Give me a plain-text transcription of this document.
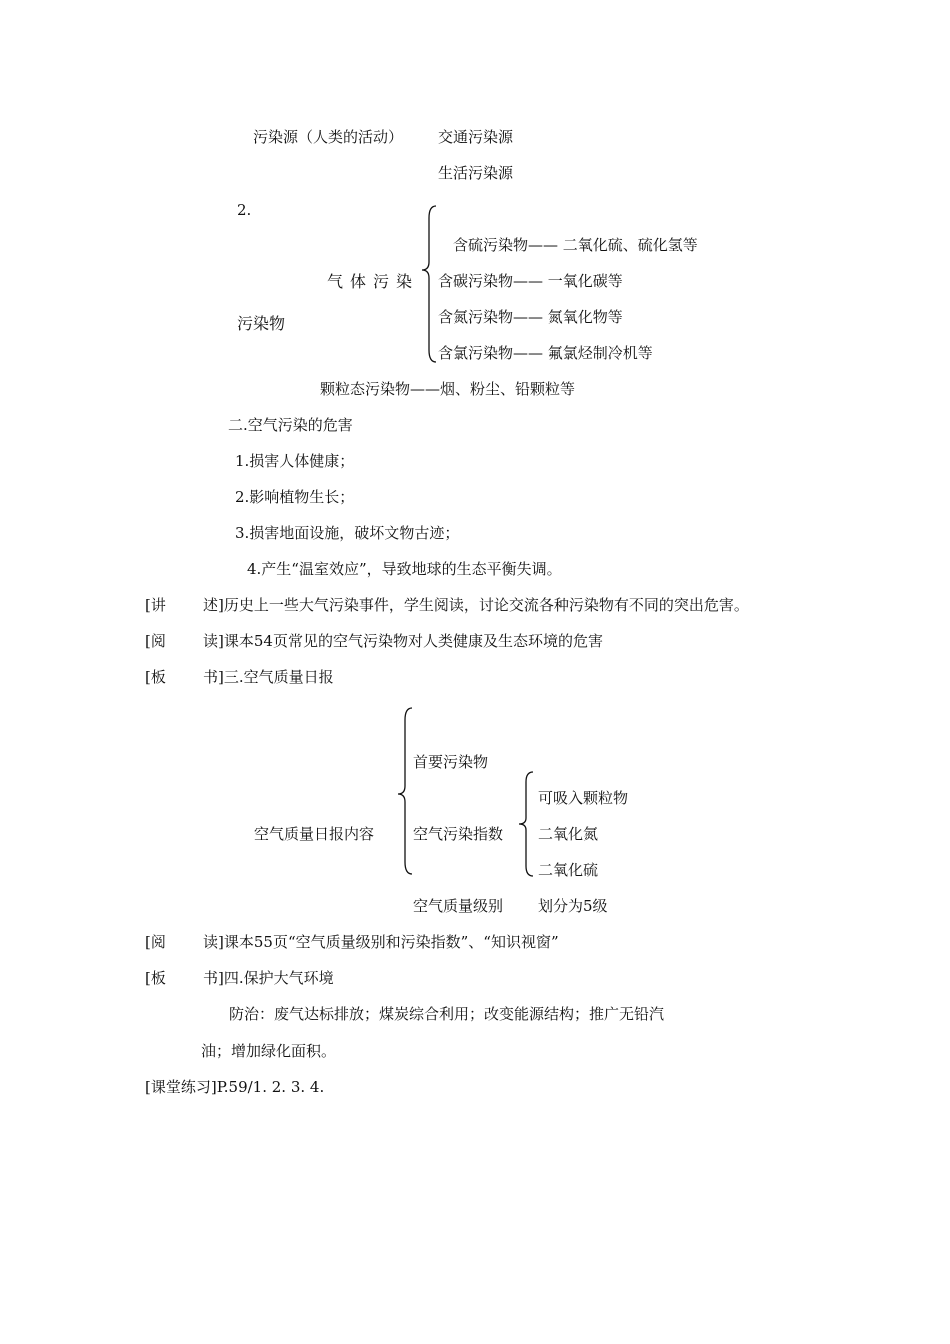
污染源（人类的活动） 交通污染源
生活污染源
2.
含硫污染物—— 二氧化硫、硫化氢等
气体污染 含碳污染物—— 一氧化碳等
污染物	含氮污染物—— 氮氧化物等
含氯污染物—— 氟氯烃制冷机等
颗粒态污染物——烟、粉尘、铅颗粒等
二.空气污染的危害
1.损害人体健康；
2.影响植物生长；
3.损害地面设施，破坏文物古迹；
4.产生“温室效应”，导致地球的生态平衡失调。
[讲 述]历史上一些大气污染事件，学生阅读，讨论交流各种污染物有不同的突出危害。
[阅 读]课本54页常见的空气污染物对人类健康及生态环境的危害
[板 书]三.空气质量日报
首要污染物
可吸入颗粒物
空气质量日报内容	空气污染指数 二氧化氮
二氧化硫
空气质量级别 划分为5级
[阅 读]课本55页“空气质量级别和污染指数”、“知识视窗”
[板 书]四.保护大气环境
防治：废气达标排放；煤炭综合利用；改变能源结构；推广无铅汽
油；增加绿化面积。
[课堂练习]P.59/1. 2. 3. 4.
